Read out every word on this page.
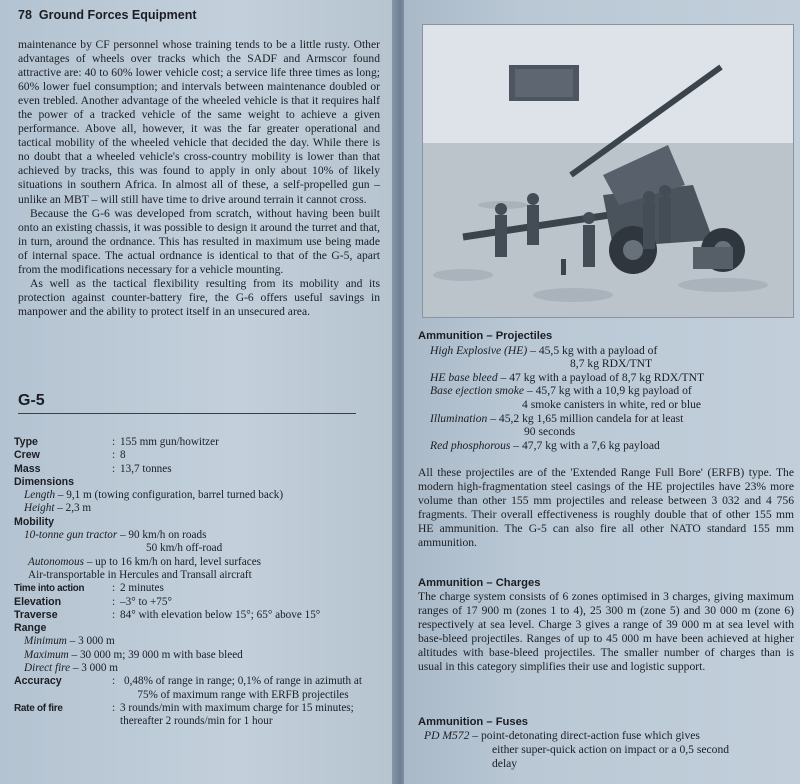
78 Ground Forces Equipment

maintenance by CF personnel whose training tends to be a little rusty. Other advantages of wheels over tracks which the SADF and Armscor found attractive are: 40 to 60% lower vehicle cost; a service life three times as long; 60% lower fuel consumption; and intervals between maintenance doubled or even trebled. Another advantage of the wheeled vehicle is that it requires half the power of a tracked vehicle of the same weight to achieve a given performance. Above all, however, it was the far greater operational and tactical mobility of the wheeled vehicle that decided the day. While there is no doubt that a wheeled vehicle's cross-country mobility is lower than that achieved by tracks, this was found to apply in only about 10% of likely situations in southern Africa. In almost all of these, a self-propelled gun – unlike an MBT – will still have time to drive around terrain it cannot cross.

Because the G-6 was developed from scratch, without having been built onto an existing chassis, it was possible to design it around the turret and that, in turn, around the ordnance. This has resulted in maximum use being made of internal space. The actual ordnance is identical to that of the G-5, apart from the modifications necessary for a vehicle mounting.

As well as the tactical flexibility resulting from its mobility and its protection against counter-battery fire, the G-6 offers useful savings in manpower and the ability to protect itself in an unsecured area.

G-5
Type	: 155 mm gun/howitzer
Crew	: 8
Mass	: 13,7 tonnes
Dimensions
Length – 9,1 m (towing configuration, barrel turned back)
Height – 2,3 m
Mobility
10-tonne gun tractor – 90 km/h on roads
50 km/h off-road
Autonomous – up to 16 km/h on hard, level surfaces
Air-transportable in Hercules and Transall aircraft
Time into action	: 2 minutes
Elevation	: –3° to +75°
Traverse	: 84° with elevation below 15°; 65° above 15°
Range
Minimum – 3 000 m
Maximum – 30 000 m; 39 000 m with base bleed
Direct fire – 3 000 m
Accuracy	: 0,48% of range in range; 0,1% of range in azimuth at 75% of maximum range with ERFB projectiles
Rate of fire	: 3 rounds/min with maximum charge for 15 minutes; thereafter 2 rounds/min for 1 hour
Ammunition – Projectiles
High Explosive (HE) – 45,5 kg with a payload of
8,7 kg RDX/TNT
HE base bleed – 47 kg with a payload of 8,7 kg RDX/TNT
Base ejection smoke – 45,7 kg with a 10,9 kg payload of
4 smoke canisters in white, red or blue
Illumination – 45,2 kg 1,65 million candela for at least
90 seconds
Red phosphorous – 47,7 kg with a 7,6 kg payload
All these projectiles are of the 'Extended Range Full Bore' (ERFB) type. The modern high-fragmentation steel casings of the HE projectiles have 23% more volume than other 155 mm projectiles and release between 3 032 and 4 756 fragments. Their overall effectiveness is roughly double that of other 155 mm HE ammunition. The G-5 can also fire all other NATO standard 155 mm ammunition.
Ammunition – Charges
The charge system consists of 6 zones optimised in 3 charges, giving maximum ranges of 17 900 m (zones 1 to 4), 25 300 m (zone 5) and 30 000 m (zone 6) respectively at sea level. Charge 3 gives a range of 39 000 m at sea level with base-bleed projectiles. Ranges of up to 45 000 m have been achieved at higher altitudes with base-bleed projectiles. The smaller number of charges than is usual in this category simplifies their use and logistic support.
Ammunition – Fuses
PD M572 – point-detonating direct-action fuse which gives
either super-quick action on impact or a 0,5 second
delay
